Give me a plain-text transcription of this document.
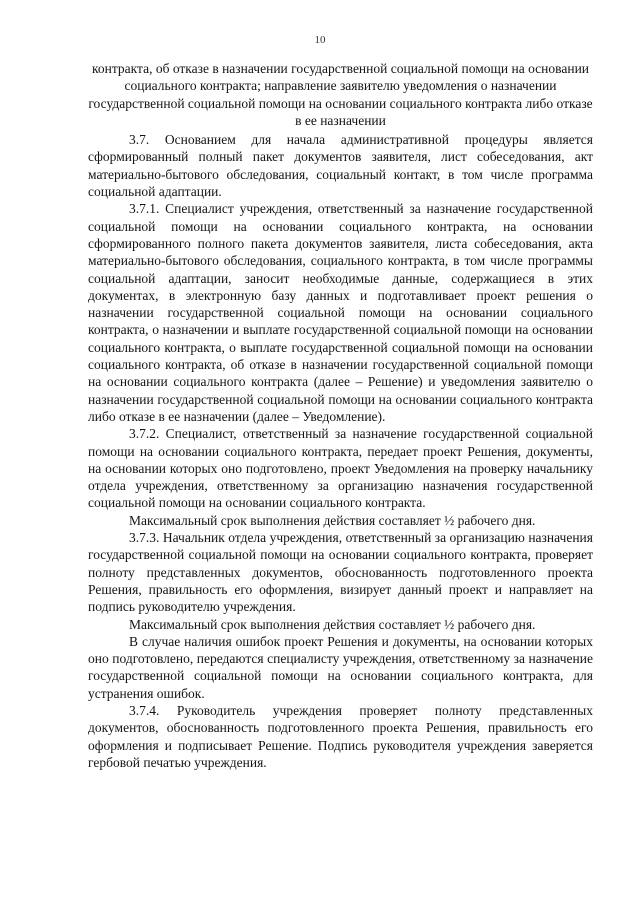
10

контракта, об отказе в назначении государственной социальной помощи на основании социального контракта; направление заявителю уведомления о назначении государственной социальной помощи на основании социального контракта либо отказе в ее назначении

3.7. Основанием для начала административной процедуры является сформированный полный пакет документов заявителя, лист собеседования, акт материально-бытового обследования, социальный контакт, в том числе программа социальной адаптации.

3.7.1. Специалист учреждения, ответственный за назначение государственной социальной помощи на основании социального контракта, на основании сформированного полного пакета документов заявителя, листа собеседования, акта материально-бытового обследования, социального контракта, в том числе программы социальной адаптации, заносит необходимые данные, содержащиеся в этих документах, в электронную базу данных и подготавливает проект решения о назначении государственной социальной помощи на основании социального контракта, о назначении и выплате государственной социальной помощи на основании социального контракта, о выплате государственной социальной помощи на основании социального контракта, об отказе в назначении государственной социальной помощи на основании социального контракта (далее – Решение) и уведомления заявителю о назначении государственной социальной помощи на основании социального контракта либо отказе в ее назначении (далее – Уведомление).

3.7.2. Специалист, ответственный за назначение государственной социальной помощи на основании социального контракта, передает проект Решения, документы, на основании которых оно подготовлено, проект Уведомления на проверку начальнику отдела учреждения, ответственному за организацию назначения государственной социальной помощи на основании социального контракта.

Максимальный срок выполнения действия составляет ½ рабочего дня.

3.7.3. Начальник отдела учреждения, ответственный за организацию назначения государственной социальной помощи на основании социального контракта, проверяет полноту представленных документов, обоснованность подготовленного проекта Решения, правильность его оформления, визирует данный проект и направляет на подпись руководителю учреждения.

Максимальный срок выполнения действия составляет ½ рабочего дня.

В случае наличия ошибок проект Решения и документы, на основании которых оно подготовлено, передаются специалисту учреждения, ответственному за назначение государственной социальной помощи на основании социального контракта, для устранения ошибок.

3.7.4. Руководитель учреждения проверяет полноту представленных документов, обоснованность подготовленного проекта Решения, правильность его оформления и подписывает Решение. Подпись руководителя учреждения заверяется гербовой печатью учреждения.
